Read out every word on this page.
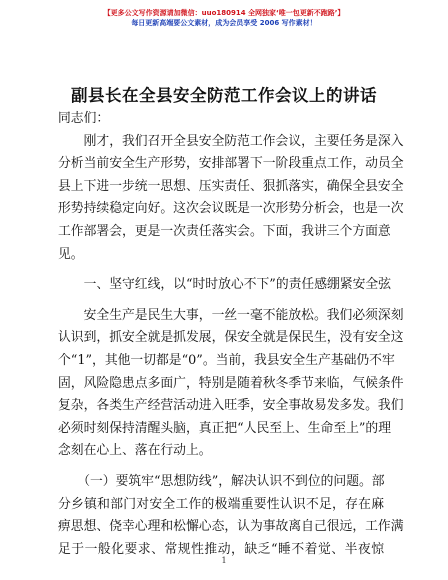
【更多公文写作资源请加微信：uuo180914 全网独家‘唯一包更新不跑路’】
每日更新高端要公文素材，成为会员享受 2006 写作素材！
副县长在全县安全防范工作会议上的讲话
同志们：
　　刚才，我们召开全县安全防范工作会议，主要任务是深入
分析当前安全生产形势，安排部署下一阶段重点工作，动员全
县上下进一步统一思想、压实责任、狠抓落实，确保全县安全
形势持续稳定向好。这次会议既是一次形势分析会，也是一次
工作部署会，更是一次责任落实会。下面，我讲三个方面意
见。
　　一、坚守红线，以“时时放心不下”的责任感绷紧安全弦
　　安全生产是民生大事，一丝一毫不能放松。我们必须深刻
认识到，抓安全就是抓发展，保安全就是保民生，没有安全这
个“1”，其他一切都是“0”。当前，我县安全生产基础仍不牢
固，风险隐患点多面广，特别是随着秋冬季节来临，气候条件
复杂，各类生产经营活动进入旺季，安全事故易发多发。我们
必须时刻保持清醒头脑，真正把“人民至上、生命至上”的理
念刻在心上、落在行动上。
　　（一）要筑牢“思想防线”，解决认识不到位的问题。部
分乡镇和部门对安全工作的极端重要性认识不足，存在麻
痹思想、侥幸心理和松懈心态，认为事故离自己很远，工作满
足于一般化要求、常规性推动，缺乏“睡不着觉、半夜惊
1
